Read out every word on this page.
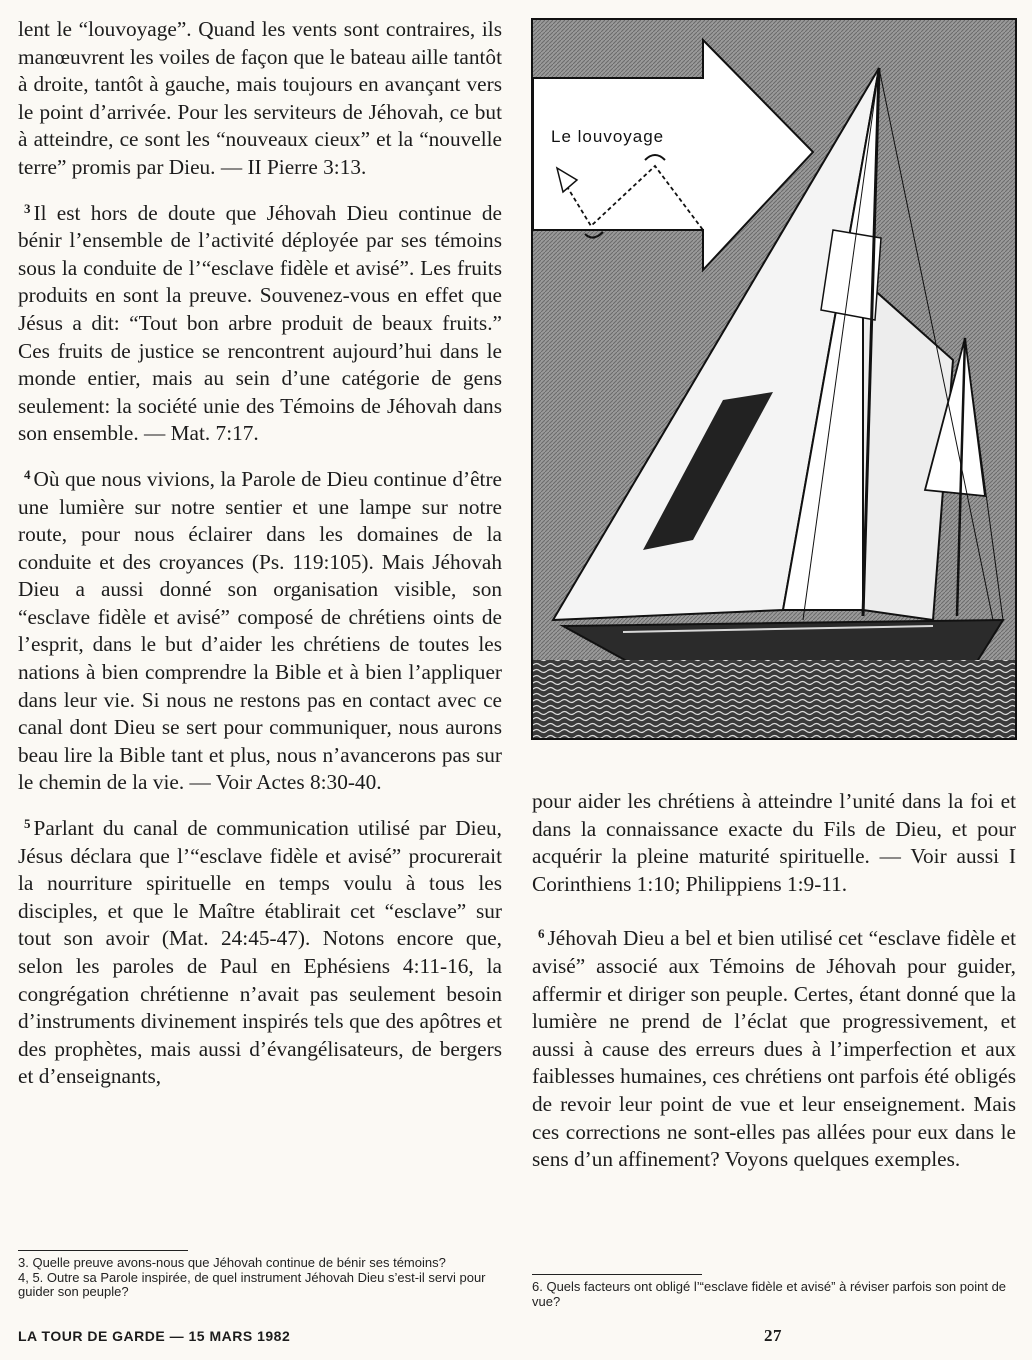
lent le “louvoyage”. Quand les vents sont contraires, ils manœuvrent les voiles de façon que le bateau aille tantôt à droite, tantôt à gauche, mais toujours en avançant vers le point d’arrivée. Pour les serviteurs de Jéhovah, ce but à atteindre, ce sont les “nouveaux cieux” et la “nouvelle terre” promis par Dieu. — II Pierre 3:13.

$^3$ Il est hors de doute que Jéhovah Dieu continue de bénir l’ensemble de l’activité déployée par ses témoins sous la conduite de l’“esclave fidèle et avisé”. Les fruits produits en sont la preuve. Souvenez-vous en effet que Jésus a dit: “Tout bon arbre produit de beaux fruits.” Ces fruits de justice se rencontrent aujourd’hui dans le monde entier, mais au sein d’une catégorie de gens seulement: la société unie des Témoins de Jéhovah dans son ensemble. — Mat. 7:17.

$^4$ Où que nous vivions, la Parole de Dieu continue d’être une lumière sur notre sentier et une lampe sur notre route, pour nous éclairer dans les domaines de la conduite et des croyances (Ps. 119:105). Mais Jéhovah Dieu a aussi donné son organisation visible, son “esclave fidèle et avisé” composé de chrétiens oints de l’esprit, dans le but d’aider les chrétiens de toutes les nations à bien comprendre la Bible et à bien l’appliquer dans leur vie. Si nous ne restons pas en contact avec ce canal dont Dieu se sert pour communiquer, nous aurons beau lire la Bible tant et plus, nous n’avancerons pas sur le chemin de la vie. — Voir Actes 8:30-40.

$^5$ Parlant du canal de communication utilisé par Dieu, Jésus déclara que l’“esclave fidèle et avisé” procurerait la nourriture spirituelle en temps voulu à tous les disciples, et que le Maître établirait cet “esclave” sur tout son avoir (Mat. 24:45-47). Notons encore que, selon les paroles de Paul en Ephésiens 4:11-16, la congrégation chrétienne n’avait pas seulement besoin d’instruments divinement inspirés tels que des apôtres et des prophètes, mais aussi d’évangélisateurs, de bergers et d’enseignants,

3. Quelle preuve avons-nous que Jéhovah continue de bénir ses témoins?

4, 5. Outre sa Parole inspirée, de quel instrument Jéhovah Dieu s’est-il servi pour guider son peuple?

Le louvoyage

pour aider les chrétiens à atteindre l’unité dans la foi et dans la connaissance exacte du Fils de Dieu, et pour acquérir la pleine maturité spirituelle. — Voir aussi I Corinthiens 1:10; Philippiens 1:9-11.

$^6$ Jéhovah Dieu a bel et bien utilisé cet “esclave fidèle et avisé” associé aux Témoins de Jéhovah pour guider, affermir et diriger son peuple. Certes, étant donné que la lumière ne prend de l’éclat que progressivement, et aussi à cause des erreurs dues à l’imperfection et aux faiblesses humaines, ces chrétiens ont parfois été obligés de revoir leur point de vue et leur enseignement. Mais ces corrections ne sont-elles pas allées pour eux dans le sens d’un affinement? Voyons quelques exemples.

6. Quels facteurs ont obligé l’“esclave fidèle et avisé” à réviser parfois son point de vue?

LA TOUR DE GARDE — 15 MARS 1982	27
